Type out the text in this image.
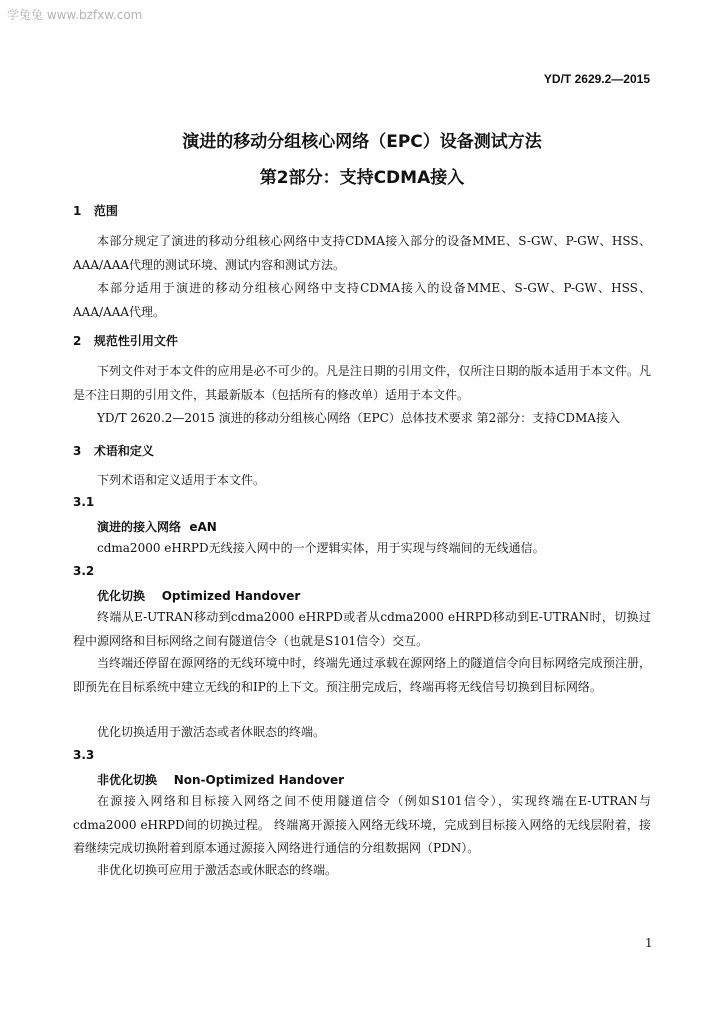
学兔兔 www.bzfxw.com
YD/T 2629.2—2015
演进的移动分组核心网络（EPC）设备测试方法
第2部分：支持CDMA接入
1   范围

本部分规定了演进的移动分组核心网络中支持CDMA接入部分的设备MME、S-GW、P-GW、HSS、AAA/AAA代理的测试环境、测试内容和测试方法。

本部分适用于演进的移动分组核心网络中支持CDMA接入的设备MME、S-GW、P-GW、HSS、AAA/AAA代理。

2   规范性引用文件

下列文件对于本文件的应用是必不可少的。凡是注日期的引用文件，仅所注日期的版本适用于本文件。凡是不注日期的引用文件，其最新版本（包括所有的修改单）适用于本文件。

YD/T 2620.2—2015 演进的移动分组核心网络（EPC）总体技术要求 第2部分：支持CDMA接入

3   术语和定义

下列术语和定义适用于本文件。

3.1
演进的接入网络  eAN

cdma2000 eHRPD无线接入网中的一个逻辑实体，用于实现与终端间的无线通信。

3.2
优化切换    Optimized Handover

终端从E-UTRAN移动到cdma2000 eHRPD或者从cdma2000 eHRPD移动到E-UTRAN时，切换过程中源网络和目标网络之间有隧道信令（也就是S101信令）交互。

当终端还停留在源网络的无线环境中时，终端先通过承载在源网络上的隧道信令向目标网络完成预注册，即预先在目标系统中建立无线的和IP的上下文。预注册完成后，终端再将无线信号切换到目标网络。

优化切换适用于激活态或者休眠态的终端。

3.3
非优化切换    Non-Optimized Handover

在源接入网络和目标接入网络之间不使用隧道信令（例如S101信令），实现终端在E-UTRAN与cdma2000 eHRPD间的切换过程。 终端离开源接入网络无线环境，完成到目标接入网络的无线层附着，接着继续完成切换附着到原本通过源接入网络进行通信的分组数据网（PDN）。

非优化切换可应用于激活态或休眠态的终端。

1
